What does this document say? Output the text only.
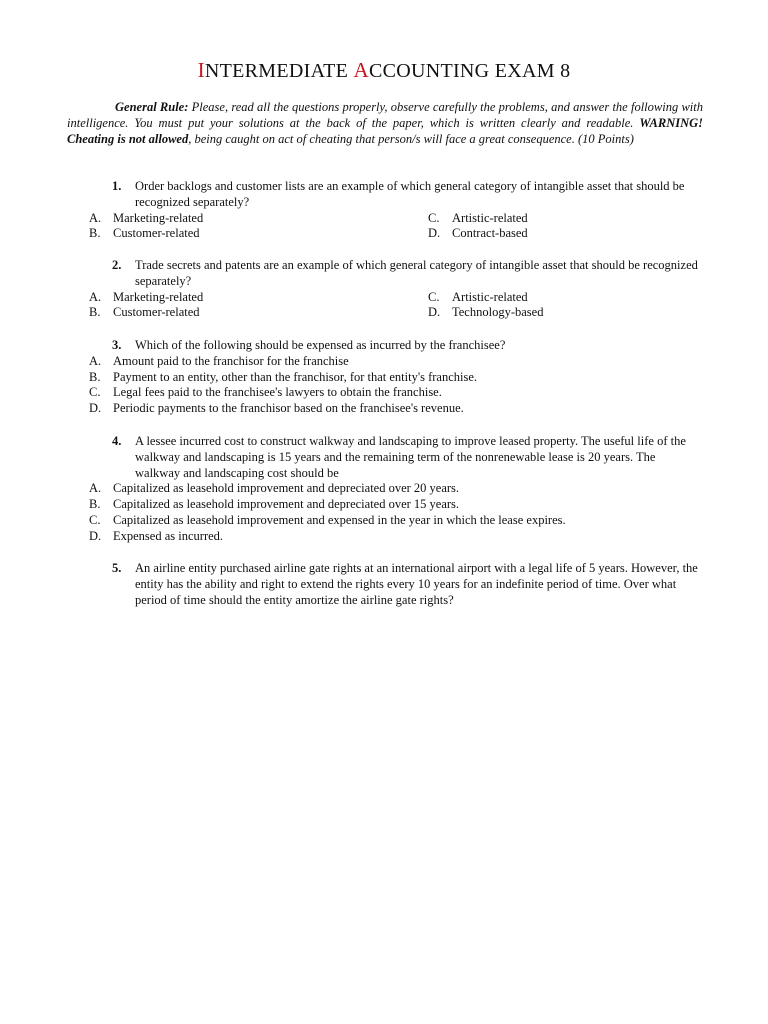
INTERMEDIATE ACCOUNTING EXAM 8
General Rule: Please, read all the questions properly, observe carefully the problems, and answer the following with intelligence. You must put your solutions at the back of the paper, which is written clearly and readable. WARNING! Cheating is not allowed, being caught on act of cheating that person/s will face a great consequence. (10 Points)
1.	Order backlogs and customer lists are an example of which general category of intangible asset that should be recognized separately?
A. Marketing-related	C.	Artistic-related
B.	Customer-related	D. Contract-based
2.	Trade secrets and patents are an example of which general category of intangible asset that should be recognized separately?
A. Marketing-related	C.	Artistic-related
B.	Customer-related	D. Technology-based
3.	Which of the following should be expensed as incurred by the franchisee?
A. Amount paid to the franchisor for the franchise
B.	Payment to an entity, other than the franchisor, for that entity's franchise.
C.	Legal fees paid to the franchisee's lawyers to obtain the franchise.
D. Periodic payments to the franchisor based on the franchisee's revenue.
4.	A lessee incurred cost to construct walkway and landscaping to improve leased property. The useful life of the walkway and landscaping is 15 years and the remaining term of the nonrenewable lease is 20 years. The walkway and landscaping cost should be
A. Capitalized as leasehold improvement and depreciated over 20 years.
B.	Capitalized as leasehold improvement and depreciated over 15 years.
C.	Capitalized as leasehold improvement and expensed in the year in which the lease expires.
D. Expensed as incurred.
5.	An airline entity purchased airline gate rights at an international airport with a legal life of 5 years. However, the entity has the ability and right to extend the rights every 10 years for an indefinite period of time. Over what period of time should the entity amortize the airline gate rights?
